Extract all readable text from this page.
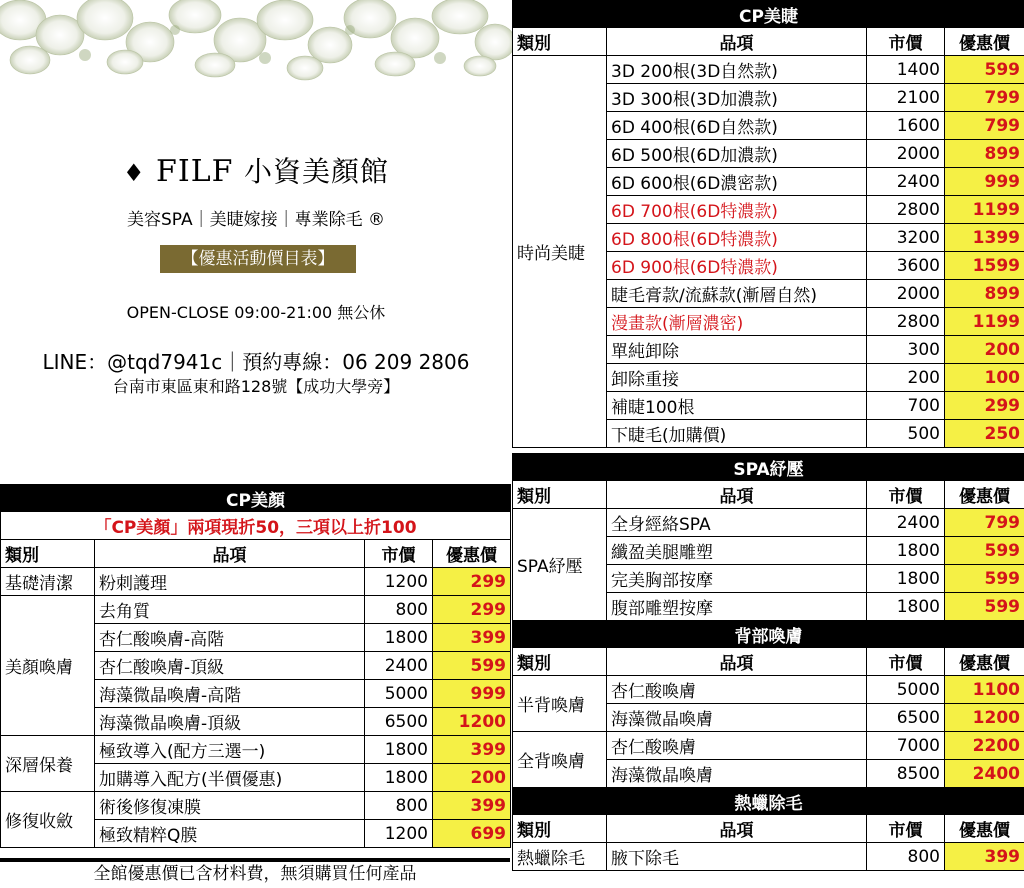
♦ FILF 小資美顏館
美容SPA｜美睫嫁接｜專業除毛 ®
【優惠活動價目表】
OPEN-CLOSE 09:00-21:00 無公休
LINE：@tqd7941c｜預約專線：06 209 2806
台南市東區東和路128號【成功大學旁】
CP美睫			
類別	品項	市價	優惠價
時尚美睫	3D 200根(3D自然款)	1400	599
	3D 300根(3D加濃款)	2100	799
	6D 400根(6D自然款)	1600	799
	6D 500根(6D加濃款)	2000	899
	6D 600根(6D濃密款)	2400	999
	6D 700根(6D特濃款)	2800	1199
	6D 800根(6D特濃款)	3200	1399
	6D 900根(6D特濃款)	3600	1599
	睫毛膏款/流蘇款(漸層自然)	2000	899
	漫畫款(漸層濃密)	2800	1199
	單純卸除	300	200
	卸除重接	200	100
	補睫100根	700	299
	下睫毛(加購價)	500	250
SPA紓壓			
類別	品項	市價	優惠價
SPA紓壓	全身經絡SPA	2400	799
	纖盈美腿雕塑	1800	599
	完美胸部按摩	1800	599
	腹部雕塑按摩	1800	599
背部喚膚			
類別	品項	市價	優惠價
半背喚膚	杏仁酸喚膚	5000	1100
	海藻微晶喚膚	6500	1200
全背喚膚	杏仁酸喚膚	7000	2200
	海藻微晶喚膚	8500	2400
熱蠟除毛			
類別	品項	市價	優惠價
熱蠟除毛	腋下除毛	800	399
CP美顏			
「CP美顏」兩項現折50，三項以上折100			
類別	品項	市價	優惠價
基礎清潔	粉刺護理	1200	299
美顏喚膚	去角質	800	299
	杏仁酸喚膚-高階	1800	399
	杏仁酸喚膚-頂級	2400	599
	海藻微晶喚膚-高階	5000	999
	海藻微晶喚膚-頂級	6500	1200
深層保養	極致導入(配方三選一)	1800	399
	加購導入配方(半價優惠)	1800	200
修復收斂	術後修復凍膜	800	399
	極致精粹Q膜	1200	699
全館優惠價已含材料費，無須購買任何產品
